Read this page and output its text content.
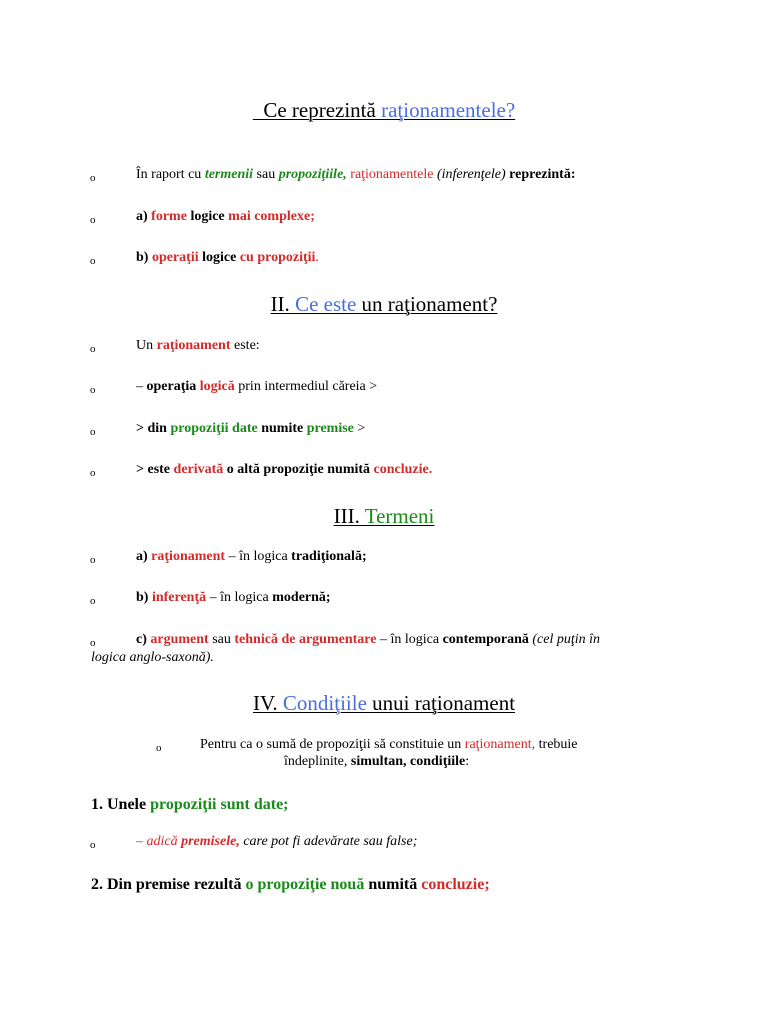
Ce reprezintă raţionamentele?
o	În raport cu termenii sau propoziţiile, raţionamentele (inferenţele) reprezintă:
o	a) forme logice mai complexe;
o	b) operaţii logice cu propoziţii.
II. Ce este un raţionament?
o	Un raţionament este:
o	– operaţia logică prin intermediul căreia >
o	> din propoziţii date numite premise >
o	> este derivată o altă propoziţie numită concluzie.
III. Termeni
o	a) raţionament – în logica tradiţională;
o	b) inferenţă – în logica modernă;
o	c) argument sau tehnică de argumentare – în logica contemporană (cel puţin în
logica anglo-saxonă).
IV. Condiţiile unui raţionament
o	Pentru ca o sumă de propoziţii să constituie un raţionament, trebuie
îndeplinite, simultan, condiţiile:
1. Unele propoziţii sunt date;
o	– adică premisele, care pot fi adevărate sau false;
2. Din premise rezultă o propoziţie nouă numită concluzie;
